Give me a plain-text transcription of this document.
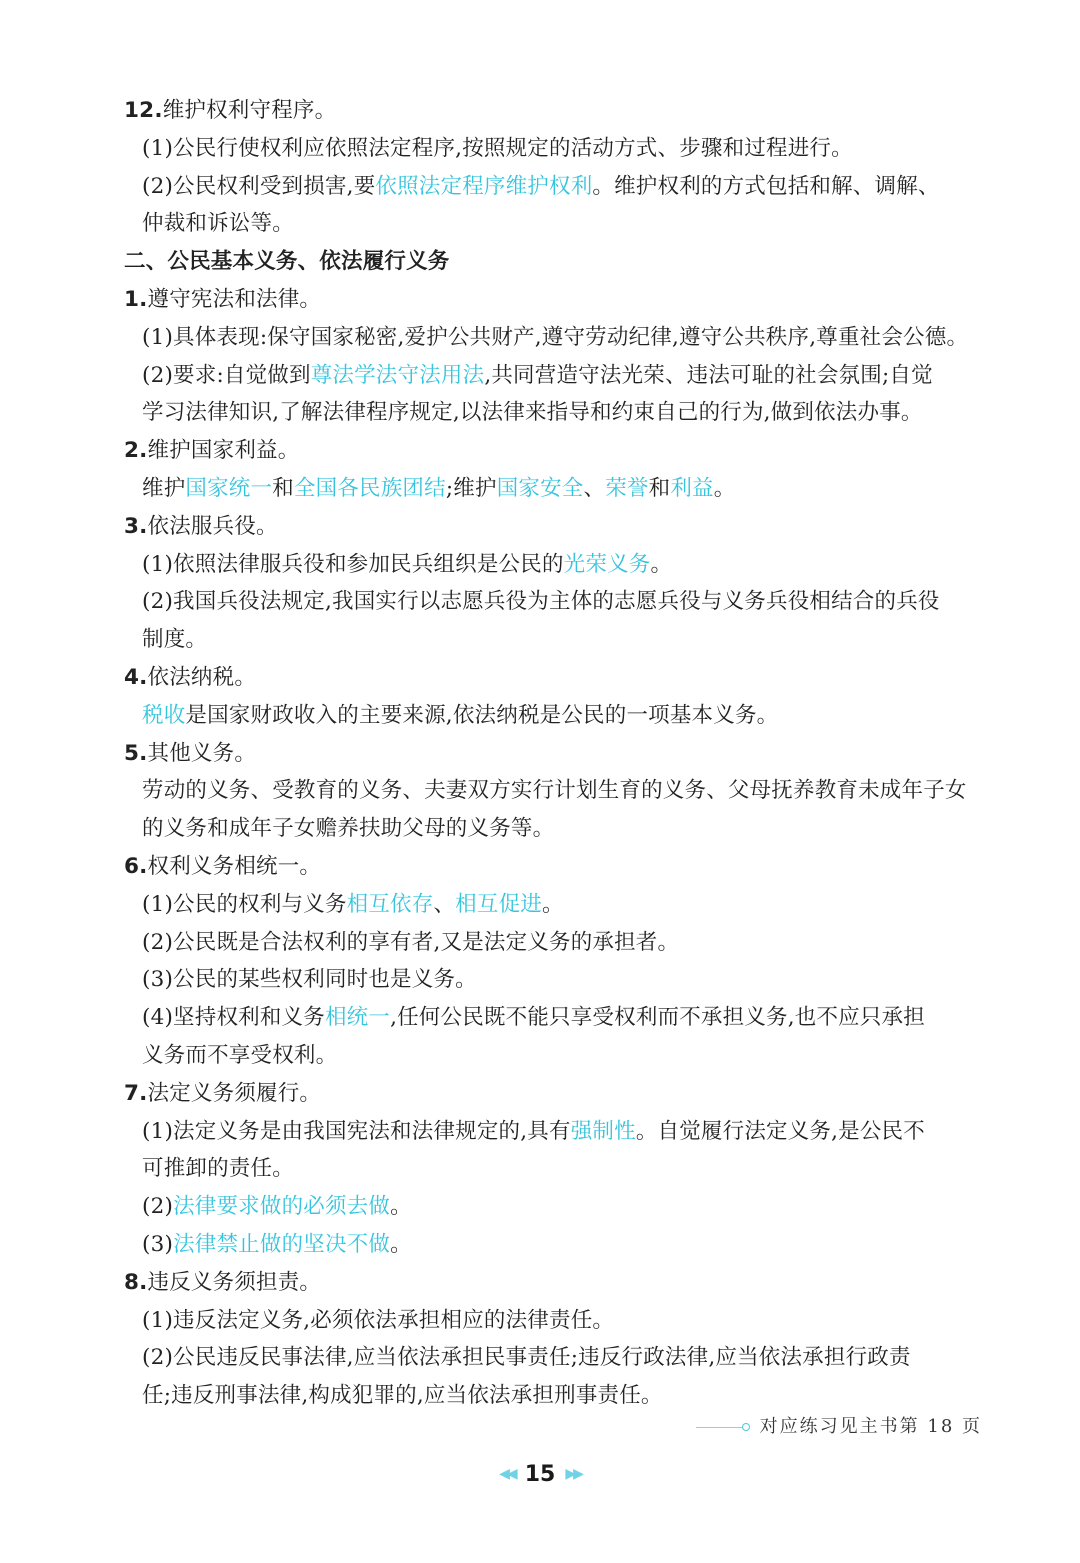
12.维护权利守程序。
(1)公民行使权利应依照法定程序,按照规定的活动方式、步骤和过程进行。
(2)公民权利受到损害,要依照法定程序维护权利。维护权利的方式包括和解、调解、
仲裁和诉讼等。
二、公民基本义务、依法履行义务
1.遵守宪法和法律。
(1)具体表现:保守国家秘密,爱护公共财产,遵守劳动纪律,遵守公共秩序,尊重社会公德。
(2)要求:自觉做到尊法学法守法用法,共同营造守法光荣、违法可耻的社会氛围;自觉
学习法律知识,了解法律程序规定,以法律来指导和约束自己的行为,做到依法办事。
2.维护国家利益。
维护国家统一和全国各民族团结;维护国家安全、荣誉和利益。
3.依法服兵役。
(1)依照法律服兵役和参加民兵组织是公民的光荣义务。
(2)我国兵役法规定,我国实行以志愿兵役为主体的志愿兵役与义务兵役相结合的兵役
制度。
4.依法纳税。
税收是国家财政收入的主要来源,依法纳税是公民的一项基本义务。
5.其他义务。
劳动的义务、受教育的义务、夫妻双方实行计划生育的义务、父母抚养教育未成年子女
的义务和成年子女赡养扶助父母的义务等。
6.权利义务相统一。
(1)公民的权利与义务相互依存、相互促进。
(2)公民既是合法权利的享有者,又是法定义务的承担者。
(3)公民的某些权利同时也是义务。
(4)坚持权利和义务相统一,任何公民既不能只享受权利而不承担义务,也不应只承担
义务而不享受权利。
7.法定义务须履行。
(1)法定义务是由我国宪法和法律规定的,具有强制性。自觉履行法定义务,是公民不
可推卸的责任。
(2)法律要求做的必须去做。
(3)法律禁止做的坚决不做。
8.违反义务须担责。
(1)违反法定义务,必须依法承担相应的法律责任。
(2)公民违反民事法律,应当依法承担民事责任;违反行政法律,应当依法承担行政责
任;违反刑事法律,构成犯罪的,应当依法承担刑事责任。
对应练习见主书第 18 页
◀◀ 15 ▶▶
